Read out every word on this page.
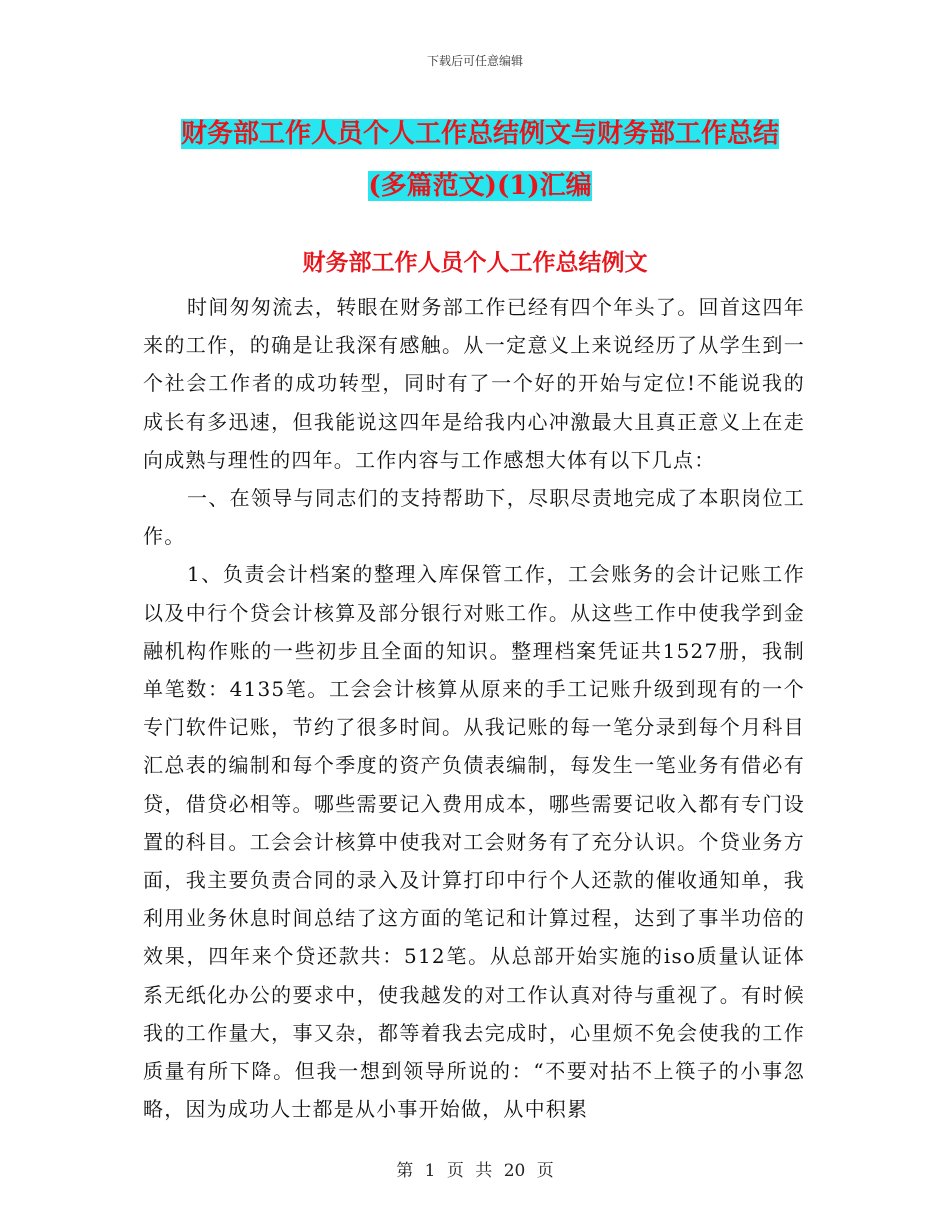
下载后可任意编辑
财务部工作人员个人工作总结例文与财务部工作总结
(多篇范文)(1)汇编
财务部工作人员个人工作总结例文

时间匆匆流去，转眼在财务部工作已经有四个年头了。回首这四年来的工作，的确是让我深有感触。从一定意义上来说经历了从学生到一个社会工作者的成功转型，同时有了一个好的开始与定位!不能说我的成长有多迅速，但我能说这四年是给我内心冲激最大且真正意义上在走向成熟与理性的四年。工作内容与工作感想大体有以下几点：

一、在领导与同志们的支持帮助下，尽职尽责地完成了本职岗位工作。

1、负责会计档案的整理入库保管工作，工会账务的会计记账工作以及中行个贷会计核算及部分银行对账工作。从这些工作中使我学到金融机构作账的一些初步且全面的知识。整理档案凭证共1527册，我制单笔数：4135笔。工会会计核算从原来的手工记账升级到现有的一个专门软件记账，节约了很多时间。从我记账的每一笔分录到每个月科目汇总表的编制和每个季度的资产负债表编制，每发生一笔业务有借必有贷，借贷必相等。哪些需要记入费用成本，哪些需要记收入都有专门设置的科目。工会会计核算中使我对工会财务有了充分认识。个贷业务方面，我主要负责合同的录入及计算打印中行个人还款的催收通知单，我利用业务休息时间总结了这方面的笔记和计算过程，达到了事半功倍的效果，四年来个贷还款共：512笔。从总部开始实施的iso质量认证体系无纸化办公的要求中，使我越发的对工作认真对待与重视了。有时候我的工作量大，事又杂，都等着我去完成时，心里烦不免会使我的工作质量有所下降。但我一想到领导所说的：“不要对拈不上筷子的小事忽略，因为成功人士都是从小事开始做，从中积累

第 1 页 共 20 页
